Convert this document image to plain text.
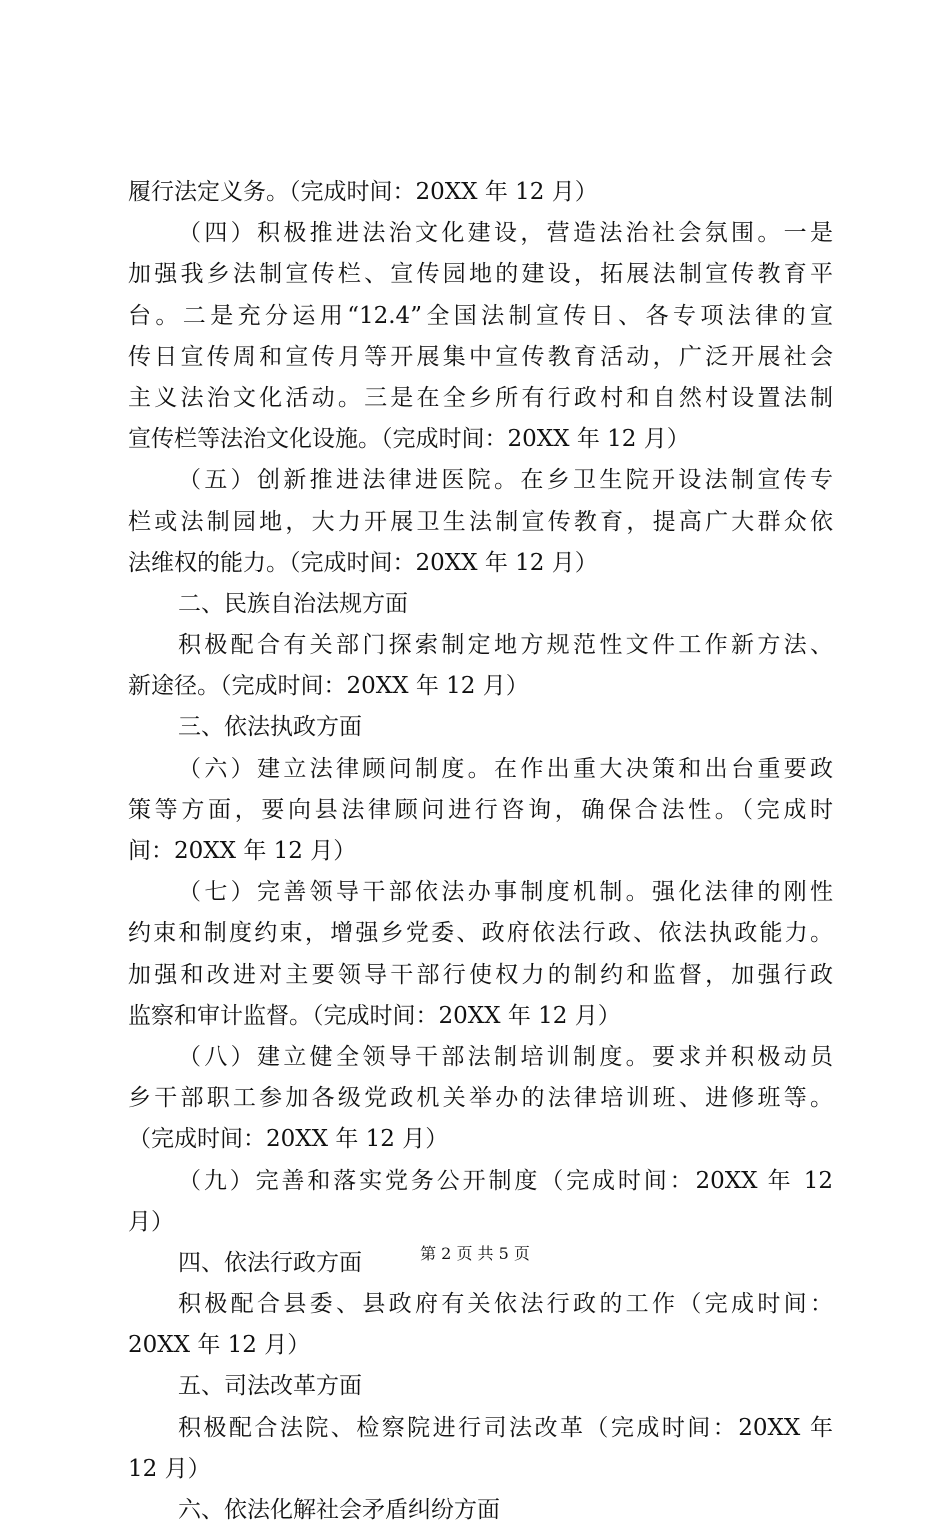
履行法定义务。（完成时间：20XX 年 12 月）
（四）积极推进法治文化建设，营造法治社会氛围。一是
加强我乡法制宣传栏、宣传园地的建设，拓展法制宣传教育平
台。二是充分运用“12.4”全国法制宣传日、各专项法律的宣
传日宣传周和宣传月等开展集中宣传教育活动，广泛开展社会
主义法治文化活动。三是在全乡所有行政村和自然村设置法制
宣传栏等法治文化设施。（完成时间：20XX 年 12 月）
（五）创新推进法律进医院。在乡卫生院开设法制宣传专
栏或法制园地，大力开展卫生法制宣传教育，提高广大群众依
法维权的能力。（完成时间：20XX 年 12 月）
二、民族自治法规方面
积极配合有关部门探索制定地方规范性文件工作新方法、
新途径。（完成时间：20XX 年 12 月）
三、依法执政方面
（六）建立法律顾问制度。在作出重大决策和出台重要政
策等方面，要向县法律顾问进行咨询，确保合法性。（完成时
间：20XX 年 12 月）
（七）完善领导干部依法办事制度机制。强化法律的刚性
约束和制度约束，增强乡党委、政府依法行政、依法执政能力。
加强和改进对主要领导干部行使权力的制约和监督，加强行政
监察和审计监督。（完成时间：20XX 年 12 月）
（八）建立健全领导干部法制培训制度。要求并积极动员
乡干部职工参加各级党政机关举办的法律培训班、进修班等。
（完成时间：20XX 年 12 月）
（九）完善和落实党务公开制度（完成时间：20XX 年 12
月）
四、依法行政方面
积极配合县委、县政府有关依法行政的工作（完成时间：
20XX 年 12 月）
五、司法改革方面
积极配合法院、检察院进行司法改革（完成时间：20XX 年
12 月）
六、依法化解社会矛盾纠纷方面
第 2 页 共 5 页
